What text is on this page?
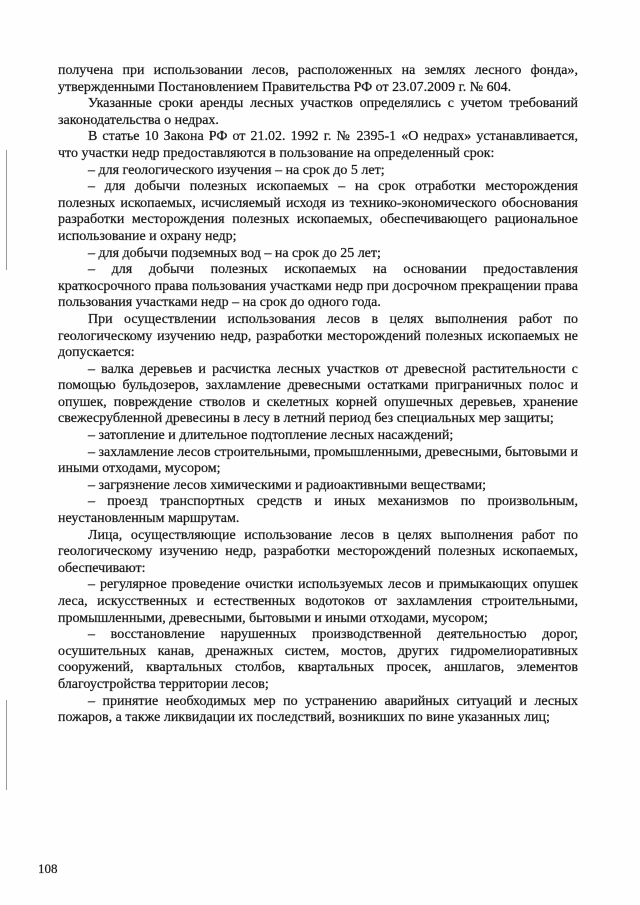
получена при использовании лесов, расположенных на землях лесного фонда», утвержденными Постановлением Правительства РФ от 23.07.2009 г. № 604.

Указанные сроки аренды лесных участков определялись с учетом требований законодательства о недрах.

В статье 10 Закона РФ от 21.02. 1992 г. № 2395-1 «О недрах» устанавливается, что участки недр предоставляются в пользование на определенный срок:

– для геологического изучения – на срок до 5 лет;

– для добычи полезных ископаемых – на срок отработки месторождения полезных ископаемых, исчисляемый исходя из технико-экономического обоснования разработки месторождения полезных ископаемых, обеспечивающего рациональное использование и охрану недр;

– для добычи подземных вод – на срок до 25 лет;

– для добычи полезных ископаемых на основании предоставления краткосрочного права пользования участками недр при досрочном прекращении права пользования участками недр – на срок до одного года.

При осуществлении использования лесов в целях выполнения работ по геологическому изучению недр, разработки месторождений полезных ископаемых не допускается:

– валка деревьев и расчистка лесных участков от древесной растительности с помощью бульдозеров, захламление древесными остатками приграничных полос и опушек, повреждение стволов и скелетных корней опушечных деревьев, хранение свежесрубленной древесины в лесу в летний период без специальных мер защиты;

– затопление и длительное подтопление лесных насаждений;

– захламление лесов строительными, промышленными, древесными, бытовыми и иными отходами, мусором;

– загрязнение лесов химическими и радиоактивными веществами;

– проезд транспортных средств и иных механизмов по произвольным, неустановленным маршрутам.

Лица, осуществляющие использование лесов в целях выполнения работ по геологическому изучению недр, разработки месторождений полезных ископаемых, обеспечивают:

– регулярное проведение очистки используемых лесов и примыкающих опушек леса, искусственных и естественных водотоков от захламления строительными, промышленными, древесными, бытовыми и иными отходами, мусором;

– восстановление нарушенных производственной деятельностью дорог, осушительных канав, дренажных систем, мостов, других гидромелиоративных сооружений, квартальных столбов, квартальных просек, аншлагов, элементов благоустройства территории лесов;

– принятие необходимых мер по устранению аварийных ситуаций и лесных пожаров, а также ликвидации их последствий, возникших по вине указанных лиц;

108
